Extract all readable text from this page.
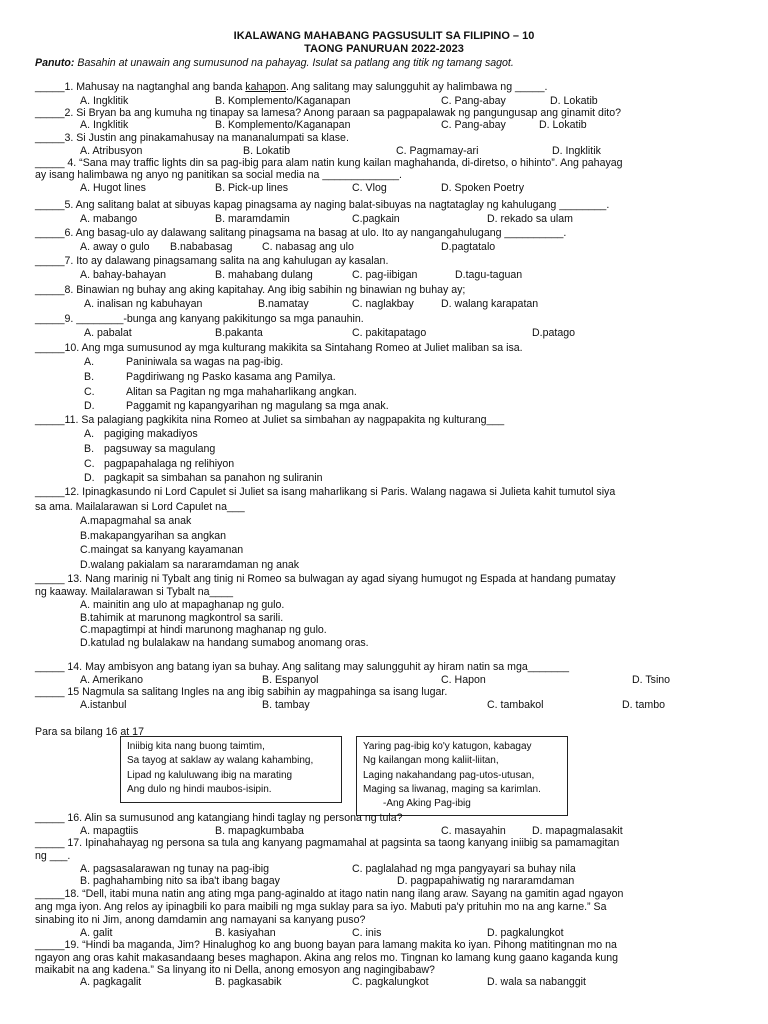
IKALAWANG MAHABANG PAGSUSULIT SA FILIPINO – 10
TAONG PANURUAN 2022-2023
Panuto: Basahin at unawain ang sumusunod na pahayag. Isulat sa patlang ang titik ng tamang sagot.
_____1. Mahusay na nagtanghal ang banda kahapon. Ang salitang may salungguhit ay halimbawa ng _____.
A. Ingklitik	B. Komplemento/Kaganapan	C. Pang-abay	D. Lokatib
_____2. Si Bryan ba ang kumuha ng tinapay sa lamesa? Anong paraan sa pagpapalawak ng pangungusap ang ginamit dito?
A. Ingklitik	B. Komplemento/Kaganapan	C. Pang-abay	D. Lokatib
_____3. Si Justin ang pinakamahusay na mananalumpati sa klase.
A. Atribusyon	B. Lokatib	C. Pagmamay-ari	D. Ingklitik
_____ 4. “Sana may traffic lights din sa pag-ibig para alam natin kung kailan maghahanda, di-diretso, o hihinto”. Ang pahayag
ay isang halimbawa ng anyo ng panitikan sa social media na _____________.
A. Hugot lines	B. Pick-up lines	C. Vlog	D. Spoken Poetry
_____5. Ang salitang balat at sibuyas kapag pinagsama ay naging balat-sibuyas na nagtataglay ng kahulugang ________.
A. mabango	B. maramdamin	C.pagkain	D. rekado sa ulam
_____6. Ang basag-ulo ay dalawang salitang pinagsama na basag at ulo. Ito ay nangangahulugang __________.
A. away o gulo B.nababasag	C. nabasag ang ulo	D.pagtatalo
_____7. Ito ay dalawang pinagsamang salita na ang kahulugan ay kasalan.
A. bahay-bahayan	B. mahabang dulang	C. pag-iibigan	D.tagu-taguan
_____8. Binawian ng buhay ang aking kapitahay. Ang ibig sabihin ng binawian ng buhay ay;
A. inalisan ng kabuhayan	B.namatay	C. naglakbay	D. walang karapatan
_____9. ________-bunga ang kanyang pakikitungo sa mga panauhin.
A. pabalat	B.pakanta	C. pakitapatago	D.patago
_____10. Ang mga sumusunod ay mga kulturang makikita sa Sintahang Romeo at Juliet maliban sa isa.
A.	Paniniwala sa wagas na pag-ibig.
B.	Pagdiriwang ng Pasko kasama ang Pamilya.
C.	Alitan sa Pagitan ng mga mahaharlikang angkan.
D.	Paggamit ng kapangyarihan ng magulang sa mga anak.
_____11. Sa palagiang pagkikita nina Romeo at Juliet sa simbahan ay nagpapakita ng kulturang___
A. pagiging makadiyos
B. pagsuway sa magulang
C. pagpapahalaga ng relihiyon
D. pagkapit sa simbahan sa panahon ng suliranin
_____12. Ipinagkasundo ni Lord Capulet si Juliet sa isang maharlikang si Paris. Walang nagawa si Julieta kahit tumutol siya
sa ama. Mailalarawan si Lord Capulet na___
A.mapagmahal sa anak
B.makapangyarihan sa angkan
C.maingat sa kanyang kayamanan
D.walang pakialam sa nararamdaman ng anak
_____ 13. Nang marinig ni Tybalt ang tinig ni Romeo sa bulwagan ay agad siyang humugot ng Espada at handang pumatay
ng kaaway. Mailalarawan si Tybalt na____
A. mainitin ang ulo at mapaghanap ng gulo.
B.tahimik at marunong magkontrol sa sarili.
C.mapagtimpi at hindi marunong maghanap ng gulo.
D.katulad ng bulalakaw na handang sumabog anomang oras.
_____ 14. May ambisyon ang batang iyan sa buhay. Ang salitang may salungguhit ay hiram natin sa mga_______
A. Amerikano	B. Espanyol	C. Hapon	D. Tsino
_____ 15 Nagmula sa salitang Ingles na ang ibig sabihin ay magpahinga sa isang lugar.
A.istanbul	B. tambay	C. tambakol	D. tambo
Para sa bilang 16 at 17
Iniibig kita nang buong taimtim,
Sa tayog at saklaw ay walang kahambing,
Lipad ng kaluluwang ibig na marating
Ang dulo ng hindi maubos-isipin.
Yaring pag-ibig ko'y katugon, kabagay
Ng kailangan mong kaliit-liitan,
Laging nakahandang pag-utos-utusan,
Maging sa liwanag, maging sa karimlan.
-Ang Aking Pag-ibig
_____ 16. Alin sa sumusunod ang katangiang hindi taglay ng persona ng tula?
A. mapagtiis	B. mapagkumbaba	C. masayahin D. mapagmalasakit
_____ 17. Ipinahahayag ng persona sa tula ang kanyang pagmamahal at pagsinta sa taong kanyang iniibig sa pamamagitan
ng ___.
A. pagsasalarawan ng tunay na pag-ibig	C. paglalahad ng mga pangyayari sa buhay nila
B. paghahambing nito sa iba't ibang bagay	D. pagpapahiwatig ng nararamdaman
_____18. “Dell, itabi muna natin ang ating mga pang-aginaldo at itago natin nang ilang araw. Sayang na gamitin agad ngayon
ang mga iyon. Ang relos ay ipinagbili ko para maibili ng mga suklay para sa iyo. Mabuti pa'y prituhin mo na ang karne.” Sa
sinabing ito ni Jim, anong damdamin ang namayani sa kanyang puso?
A. galit	B. kasiyahan	C. inis	D. pagkalungkot
_____19. “Hindi ba maganda, Jim? Hinalughog ko ang buong bayan para lamang makita ko iyan. Pihong matitingnan mo na
ngayon ang oras kahit makasandaang beses maghapon. Akina ang relos mo. Tingnan ko lamang kung gaano kaganda kung
maikabit na ang kadena.” Sa linyang ito ni Della, anong emosyon ang nagingibabaw?
A. pagkagalit	B. pagkasabik	C. pagkalungkot	D. wala sa nabanggit
